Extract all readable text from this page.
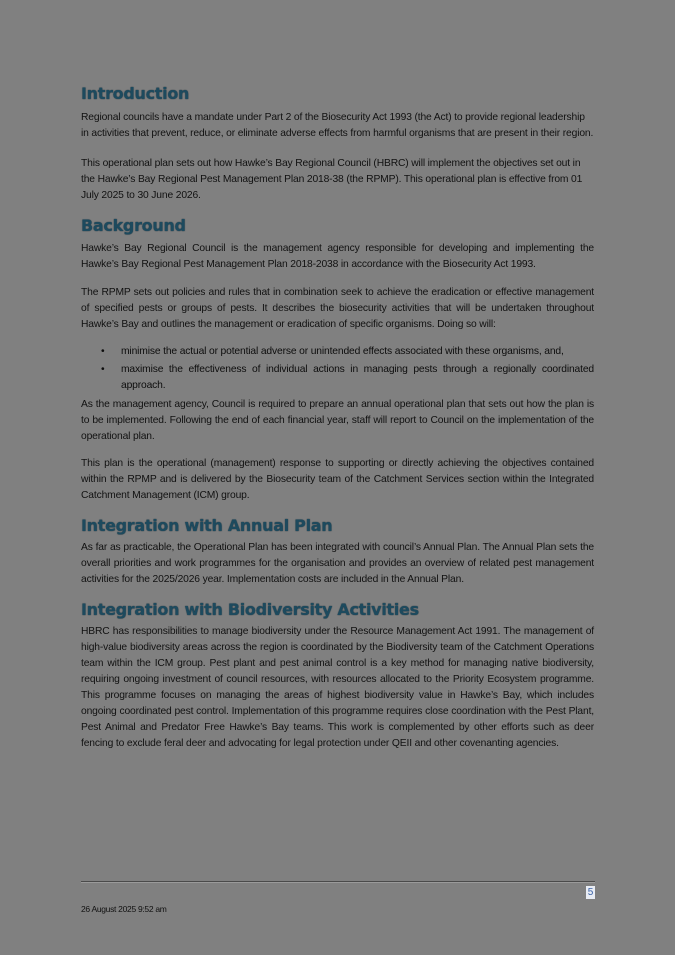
Introduction

Regional councils have a mandate under Part 2 of the Biosecurity Act 1993 (the Act) to provide regional leadership in activities that prevent, reduce, or eliminate adverse effects from harmful organisms that are present in their region.

This operational plan sets out how Hawke’s Bay Regional Council (HBRC) will implement the objectives set out in the Hawke’s Bay Regional Pest Management Plan 2018-38 (the RPMP). This operational plan is effective from 01 July 2025 to 30 June 2026.

Background

Hawke’s Bay Regional Council is the management agency responsible for developing and implementing the Hawke’s Bay Regional Pest Management Plan 2018-2038 in accordance with the Biosecurity Act 1993.

The RPMP sets out policies and rules that in combination seek to achieve the eradication or effective management of specified pests or groups of pests. It describes the biosecurity activities that will be undertaken throughout Hawke’s Bay and outlines the management or eradication of specific organisms. Doing so will:

• minimise the actual or potential adverse or unintended effects associated with these organisms, and,
• maximise the effectiveness of individual actions in managing pests through a regionally coordinated approach.

As the management agency, Council is required to prepare an annual operational plan that sets out how the plan is to be implemented. Following the end of each financial year, staff will report to Council on the implementation of the operational plan.

This plan is the operational (management) response to supporting or directly achieving the objectives contained within the RPMP and is delivered by the Biosecurity team of the Catchment Services section within the Integrated Catchment Management (ICM) group.

Integration with Annual Plan

As far as practicable, the Operational Plan has been integrated with council’s Annual Plan. The Annual Plan sets the overall priorities and work programmes for the organisation and provides an overview of related pest management activities for the 2025/2026 year. Implementation costs are included in the Annual Plan.

Integration with Biodiversity Activities

HBRC has responsibilities to manage biodiversity under the Resource Management Act 1991. The management of high-value biodiversity areas across the region is coordinated by the Biodiversity team of the Catchment Operations team within the ICM group. Pest plant and pest animal control is a key method for managing native biodiversity, requiring ongoing investment of council resources, with resources allocated to the Priority Ecosystem programme. This programme focuses on managing the areas of highest biodiversity value in Hawke’s Bay, which includes ongoing coordinated pest control. Implementation of this programme requires close coordination with the Pest Plant, Pest Animal and Predator Free Hawke’s Bay teams. This work is complemented by other efforts such as deer fencing to exclude feral deer and advocating for legal protection under QEII and other covenanting agencies.

5
26 August 2025 9:52 am
